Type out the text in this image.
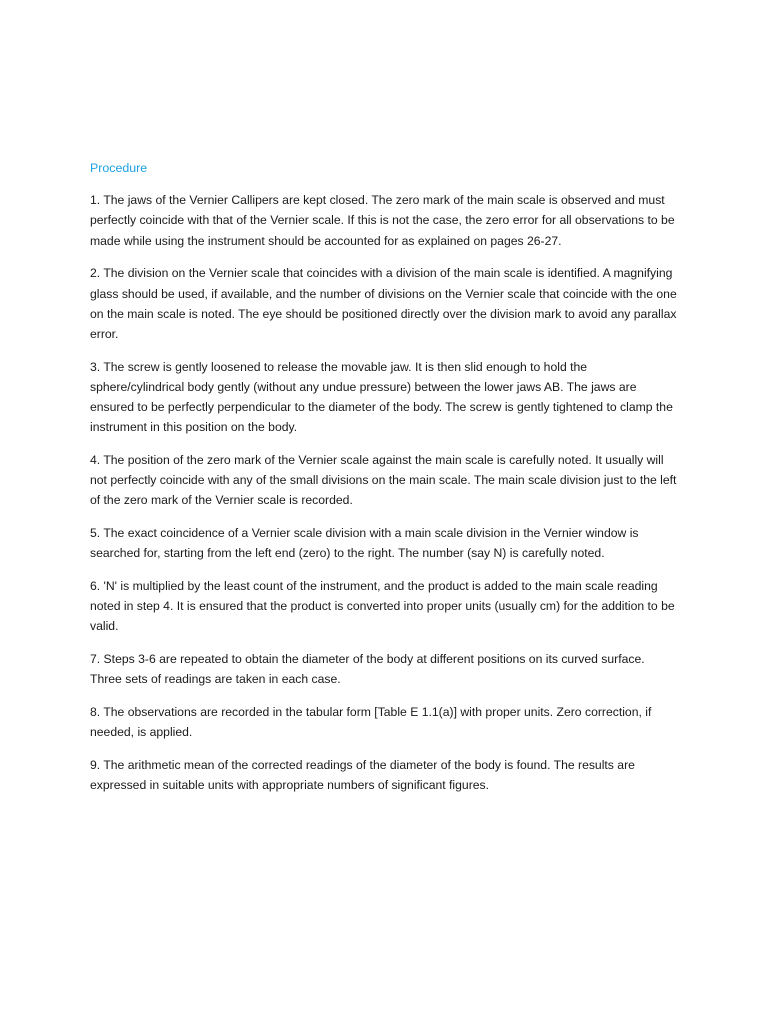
Procedure

1. The jaws of the Vernier Callipers are kept closed. The zero mark of the main scale is observed and must perfectly coincide with that of the Vernier scale. If this is not the case, the zero error for all observations to be made while using the instrument should be accounted for as explained on pages 26-27.

2. The division on the Vernier scale that coincides with a division of the main scale is identified. A magnifying glass should be used, if available, and the number of divisions on the Vernier scale that coincide with the one on the main scale is noted. The eye should be positioned directly over the division mark to avoid any parallax error.

3. The screw is gently loosened to release the movable jaw. It is then slid enough to hold the sphere/cylindrical body gently (without any undue pressure) between the lower jaws AB. The jaws are ensured to be perfectly perpendicular to the diameter of the body. The screw is gently tightened to clamp the instrument in this position on the body.

4. The position of the zero mark of the Vernier scale against the main scale is carefully noted. It usually will not perfectly coincide with any of the small divisions on the main scale. The main scale division just to the left of the zero mark of the Vernier scale is recorded.

5. The exact coincidence of a Vernier scale division with a main scale division in the Vernier window is searched for, starting from the left end (zero) to the right. The number (say N) is carefully noted.

6. 'N' is multiplied by the least count of the instrument, and the product is added to the main scale reading noted in step 4. It is ensured that the product is converted into proper units (usually cm) for the addition to be valid.

7. Steps 3-6 are repeated to obtain the diameter of the body at different positions on its curved surface. Three sets of readings are taken in each case.

8. The observations are recorded in the tabular form [Table E 1.1(a)] with proper units. Zero correction, if needed, is applied.

9. The arithmetic mean of the corrected readings of the diameter of the body is found. The results are expressed in suitable units with appropriate numbers of significant figures.
